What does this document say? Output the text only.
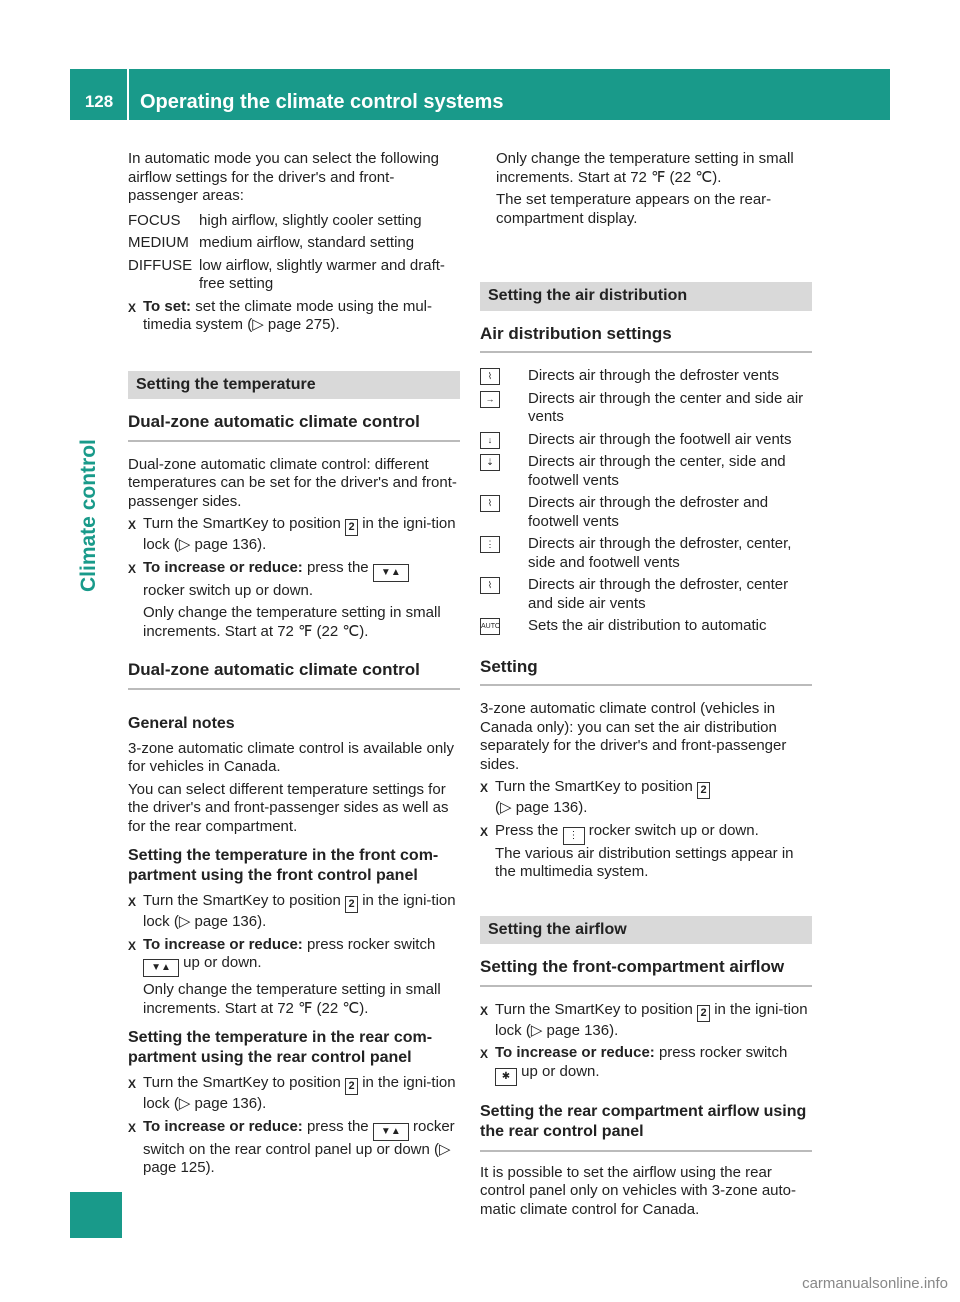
128	Operating the climate control systems
Climate control

In automatic mode you can select the following airflow settings for the driver's and front-passenger areas:

FOCUS	high airflow, slightly cooler setting
MEDIUM medium airflow, standard setting
DIFFUSE low airflow, slightly warmer and draft-free setting
X To set: set the climate mode using the mul-timedia system (▷ page 275).
Setting the temperature
Dual-zone automatic climate control

Dual-zone automatic climate control: different temperatures can be set for the driver's and front-passenger sides.

X Turn the SmartKey to position 2 in the igni-tion lock (▷ page 136).
X To increase or reduce: press the ▼▲
rocker switch up or down.

Only change the temperature setting in small increments. Start at 72 ℉ (22 ℃).
Dual-zone automatic climate control
General notes

3-zone automatic climate control is available only for vehicles in Canada.

You can select different temperature settings for the driver's and front-passenger sides as well as for the rear compartment.

Setting the temperature in the front com-partment using the front control panel
X Turn the SmartKey to position 2 in the igni-tion lock (▷ page 136).
X To increase or reduce: press rocker switch
▼▲ up or down.

Only change the temperature setting in small increments. Start at 72 ℉ (22 ℃).
Setting the temperature in the rear com-partment using the rear control panel
X Turn the SmartKey to position 2 in the igni-tion lock (▷ page 136).
X To increase or reduce: press the ▼▲ rocker switch on the rear control panel up or down (▷ page 125).

Only change the temperature setting in small increments. Start at 72 ℉ (22 ℃).

The set temperature appears on the rear-compartment display.

Setting the air distribution
Air distribution settings
⌇	Directs air through the defroster vents
→	Directs air through the center and side air vents
↓	Directs air through the footwell air vents
⇣	Directs air through the center, side and footwell vents
⌇	Directs air through the defroster and footwell vents
⋮	Directs air through the defroster, center, side and footwell vents
⌇	Directs air through the defroster, center and side air vents
AUTO Sets the air distribution to automatic
Setting

3-zone automatic climate control (vehicles in Canada only): you can set the air distribution separately for the driver's and front-passenger sides.

X Turn the SmartKey to position 2
(▷ page 136).
X Press the ⋮ rocker switch up or down.
The various air distribution settings appear in the multimedia system.
Setting the airflow
Setting the front-compartment airflow
X Turn the SmartKey to position 2 in the igni-tion lock (▷ page 136).
X To increase or reduce: press rocker switch
✱ up or down.
Setting the rear compartment airflow using the rear control panel

It is possible to set the airflow using the rear control panel only on vehicles with 3-zone auto-matic climate control for Canada.

carmanualsonline.info
